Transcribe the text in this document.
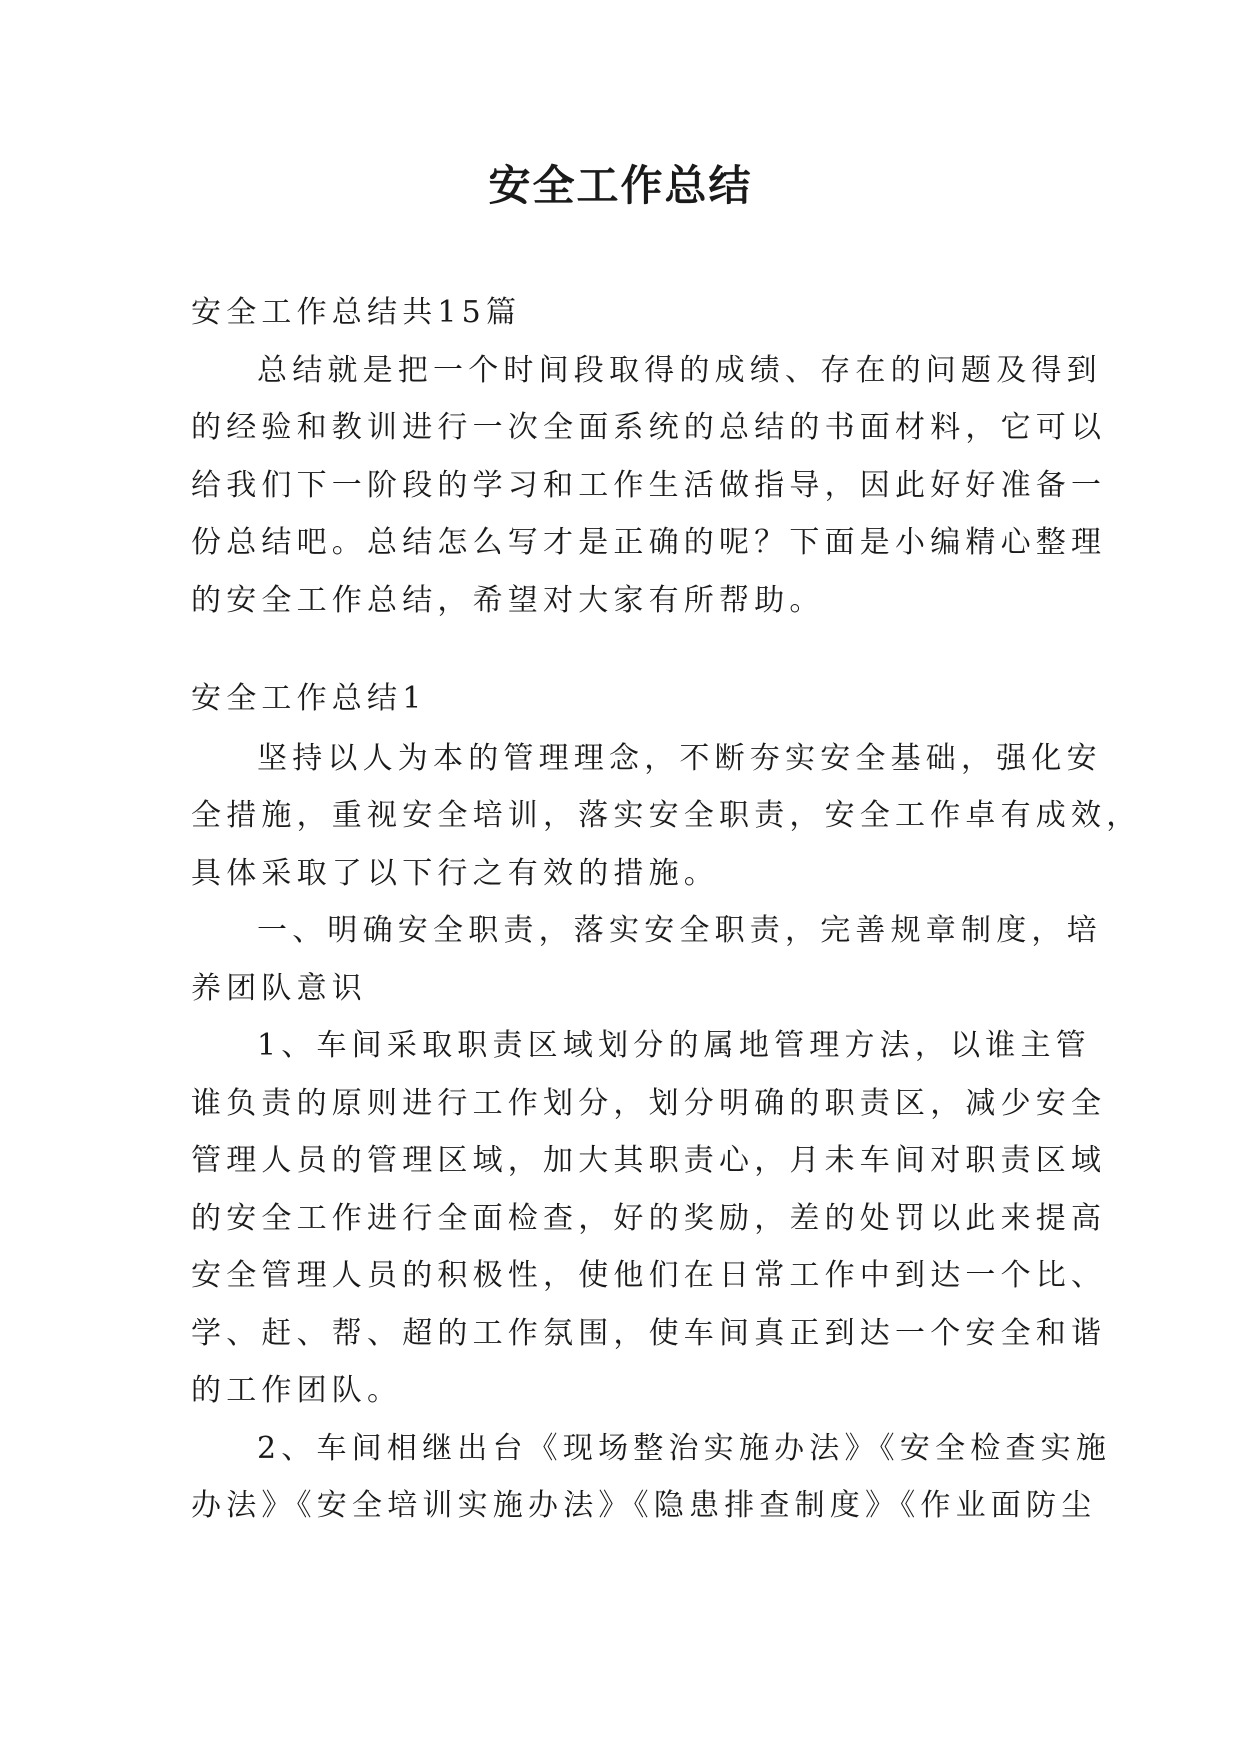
安全工作总结

安全工作总结共15篇

总结就是把一个时间段取得的成绩、存在的问题及得到

的经验和教训进行一次全面系统的总结的书面材料，它可以

给我们下一阶段的学习和工作生活做指导，因此好好准备一

份总结吧。总结怎么写才是正确的呢？下面是小编精心整理

的安全工作总结，希望对大家有所帮助。

安全工作总结1

坚持以人为本的管理理念，不断夯实安全基础，强化安

全措施，重视安全培训，落实安全职责，安全工作卓有成效，

具体采取了以下行之有效的措施。

一、明确安全职责，落实安全职责，完善规章制度，培

养团队意识

1、车间采取职责区域划分的属地管理方法，以谁主管

谁负责的原则进行工作划分，划分明确的职责区，减少安全

管理人员的管理区域，加大其职责心，月未车间对职责区域

的安全工作进行全面检查，好的奖励，差的处罚以此来提高

安全管理人员的积极性，使他们在日常工作中到达一个比、

学、赶、帮、超的工作氛围，使车间真正到达一个安全和谐

的工作团队。

2、车间相继出台《现场整治实施办法》《安全检查实施

办法》《安全培训实施办法》《隐患排查制度》《作业面防尘
